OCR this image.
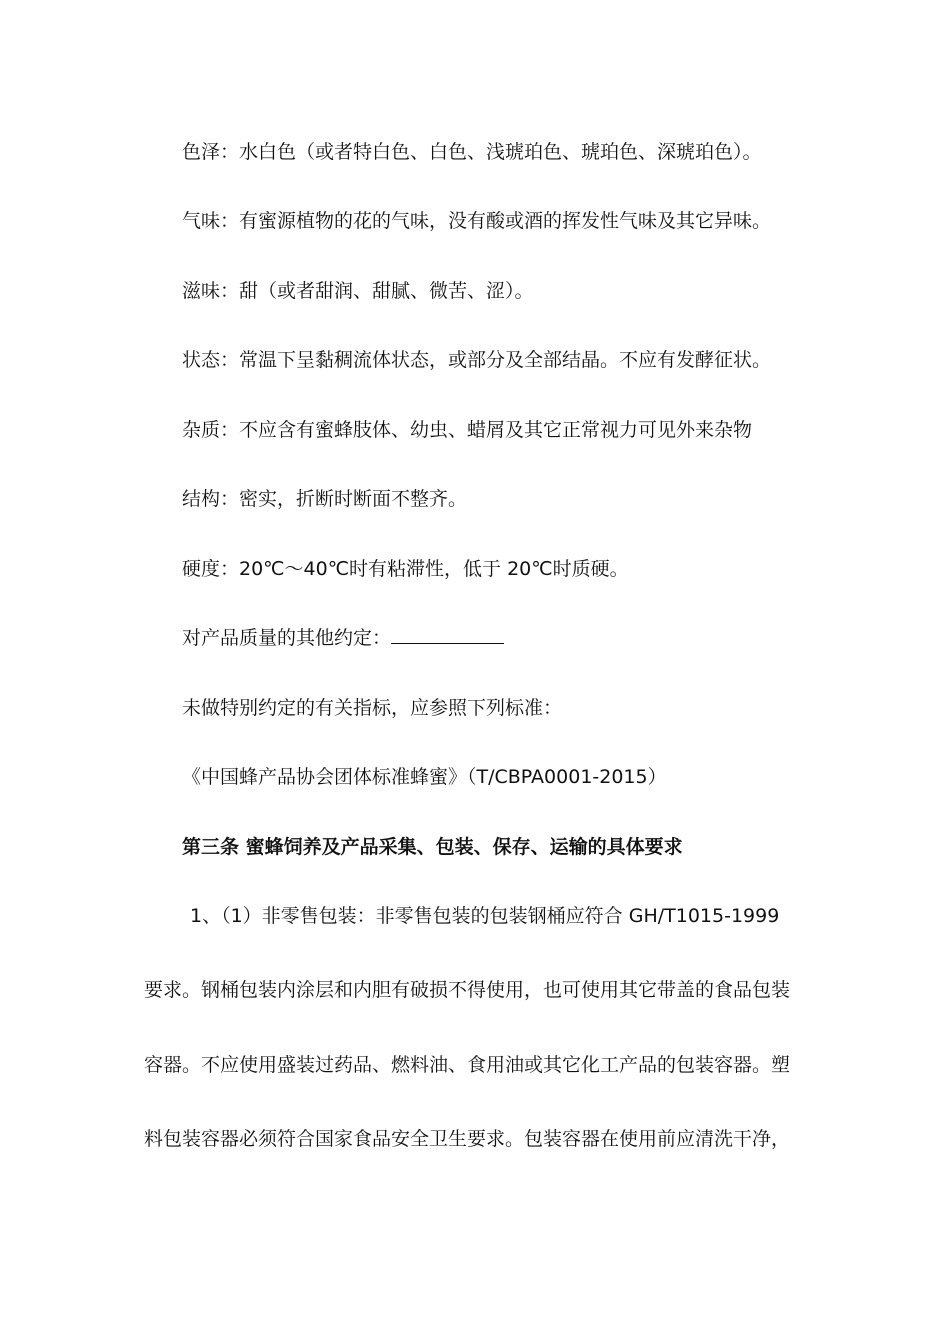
色泽：水白色（或者特白色、白色、浅琥珀色、琥珀色、深琥珀色）。
气味：有蜜源植物的花的气味，没有酸或酒的挥发性气味及其它异味。
滋味：甜（或者甜润、甜腻、微苦、涩）。
状态：常温下呈黏稠流体状态，或部分及全部结晶。不应有发酵征状。
杂质：不应含有蜜蜂肢体、幼虫、蜡屑及其它正常视力可见外来杂物
结构：密实，折断时断面不整齐。
硬度：20℃～40℃时有粘滞性，低于 20℃时质硬。
对产品质量的其他约定：
未做特别约定的有关指标，应参照下列标准：
《中国蜂产品协会团体标准蜂蜜》（T/CBPA0001-2015）
第三条 蜜蜂饲养及产品采集、包装、保存、运输的具体要求
1、（1）非零售包装：非零售包装的包装钢桶应符合 GH/T1015-1999
要求。钢桶包装内涂层和内胆有破损不得使用，也可使用其它带盖的食品包装
容器。不应使用盛装过药品、燃料油、食用油或其它化工产品的包装容器。塑
料包装容器必须符合国家食品安全卫生要求。包装容器在使用前应清洗干净，
